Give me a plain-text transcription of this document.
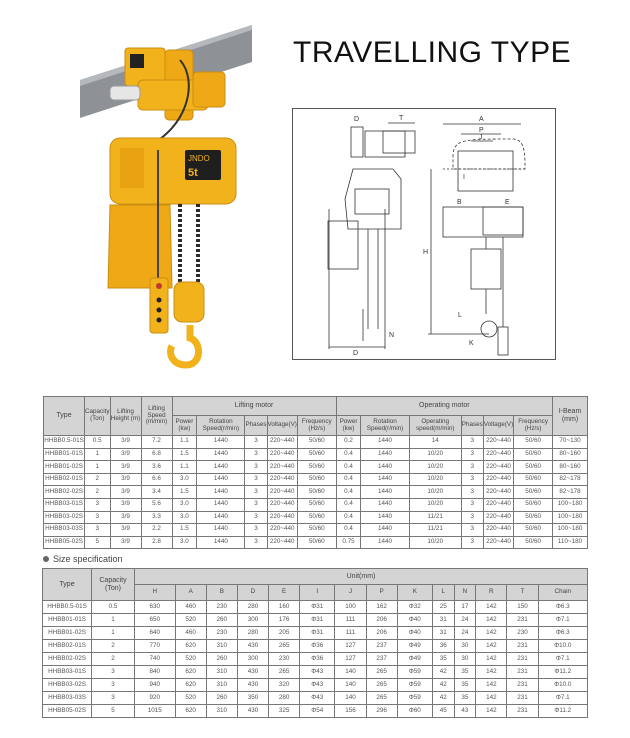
TRAVELLING TYPE
JNDO
5t
D	T	A
P
J
I
B	E
H
L
K
N
D
Type	Capacity (Ton)	Lifting Height (m)	Lifting Speed (m/min)	Lifting motor					Operating motor						I-Beam (mm)
				Power (kw)	Rotation Speed(r/min)	Phases	Voltage(V)	Frequency (Hz/s)	Power (kw)	Rotation Speed(r/min)	Operating speed(m/min)	Phases	Voltage(V)	Frequency (Hz/s)	
HHBB0.5-01S	0.5	3/9	7.2	1.1	1440	3	220~440	50/60	0.2	1440	14	3	220~440	50/60	70~130
HHBB01-01S	1	3/9	6.8	1.5	1440	3	220~440	50/60	0.4	1440	10/20	3	220~440	50/60	80~160
HHBB01-02S	1	3/9	3.6	1.1	1440	3	220~440	50/60	0.4	1440	10/20	3	220~440	50/60	80~160
HHBB02-01S	2	3/9	6.6	3.0	1440	3	220~440	50/60	0.4	1440	10/20	3	220~440	50/60	82~178
HHBB02-02S	2	3/9	3.4	1.5	1440	3	220~440	50/60	0.4	1440	10/20	3	220~440	50/60	82~178
HHBB03-01S	3	3/9	5.6	3.0	1440	3	220~440	50/60	0.4	1440	10/20	3	220~440	50/60	100~180
HHBB03-02S	3	3/9	3.3	3.0	1440	3	220~440	50/60	0.4	1440	11/21	3	220~440	50/60	100~180
HHBB03-03S	3	3/9	2.2	1.5	1440	3	220~440	50/60	0.4	1440	11/21	3	220~440	50/60	100~180
HHBB05-02S	5	3/9	2.8	3.0	1440	3	220~440	50/60	0.75	1440	10/20	3	220~440	50/60	110~180
Size specification
Type	Capacity (Ton)	Unit(mm)													
		H	A	B	D	E	I	J	P	K	L	N	R	T	Chain
HHBB0.5-01S	0.5	630	460	230	280	160	Φ31	100	162	Φ32	25	17	142	150	Φ6.3
HHBB01-01S	1	650	520	260	300	176	Φ31	111	206	Φ40	31	24	142	231	Φ7.1
HHBB01-02S	1	640	460	230	280	205	Φ31	111	206	Φ40	31	24	142	230	Φ6.3
HHBB02-01S	2	770	620	310	430	265	Φ36	127	237	Φ49	36	30	142	231	Φ10.0
HHBB02-02S	2	740	520	260	300	230	Φ36	127	237	Φ49	35	30	142	231	Φ7.1
HHBB03-01S	3	840	620	310	430	265	Φ43	140	265	Φ59	42	35	142	231	Φ11.2
HHBB03-02S	3	940	620	310	430	320	Φ43	140	265	Φ59	42	35	142	231	Φ10.0
HHBB03-03S	3	920	520	260	350	280	Φ43	140	265	Φ59	42	35	142	231	Φ7.1
HHBB05-02S	5	1015	620	310	430	325	Φ54	156	296	Φ60	45	43	142	231	Φ11.2
